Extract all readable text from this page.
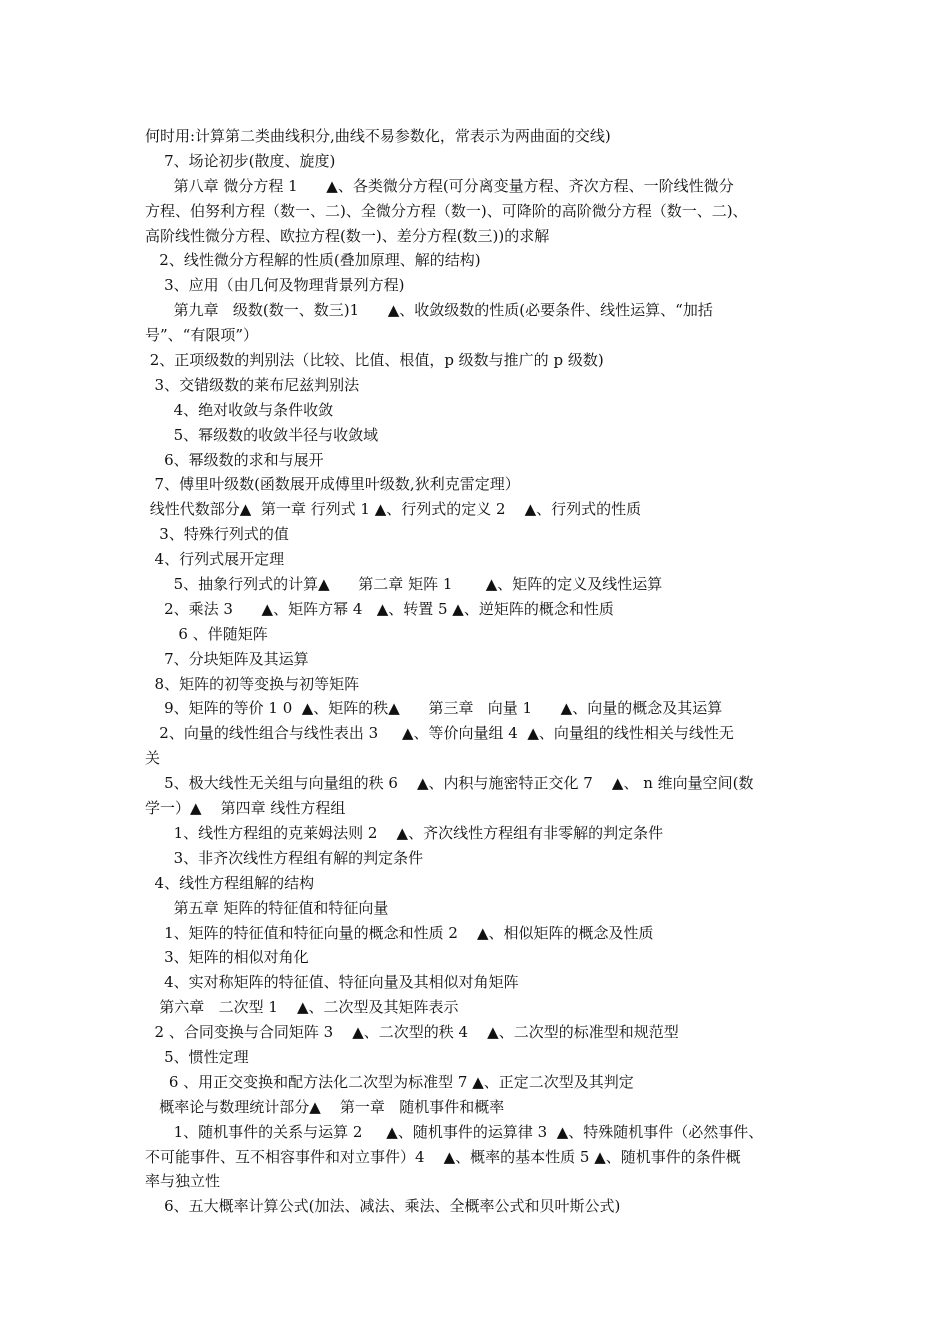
何时用:计算第二类曲线积分,曲线不易参数化，常表示为两曲面的交线)
7、场论初步(散度、旋度)
第八章 微分方程 1      ▲、各类微分方程(可分离变量方程、齐次方程、一阶线性微分
方程、伯努利方程（数一、二)、全微分方程（数一)、可降阶的高阶微分方程（数一、二)、
高阶线性微分方程、欧拉方程(数一)、差分方程(数三))的求解
2、线性微分方程解的性质(叠加原理、解的结构)
3、应用（由几何及物理背景列方程)
第九章   级数(数一、数三)1      ▲、收敛级数的性质(必要条件、线性运算、“加括
号”、“有限项”）
2、正项级数的判别法（比较、比值、根值，p 级数与推广的 p 级数)
3、交错级数的莱布尼兹判别法
4、绝对收敛与条件收敛
5、幂级数的收敛半径与收敛域
6、幂级数的求和与展开
7、傅里叶级数(函数展开成傅里叶级数,狄利克雷定理）
线性代数部分▲  第一章 行列式 1 ▲、行列式的定义 2    ▲、行列式的性质
3、特殊行列式的值
4、行列式展开定理
5、抽象行列式的计算▲      第二章 矩阵 1       ▲、矩阵的定义及线性运算
2、乘法 3      ▲、矩阵方幂 4   ▲、转置 5 ▲、逆矩阵的概念和性质
6 、伴随矩阵
7、分块矩阵及其运算
8、矩阵的初等变换与初等矩阵
9、矩阵的等价 1 0  ▲、矩阵的秩▲      第三章   向量 1      ▲、向量的概念及其运算
2、向量的线性组合与线性表出 3     ▲、等价向量组 4  ▲、向量组的线性相关与线性无
关
5、极大线性无关组与向量组的秩 6    ▲、内积与施密特正交化 7    ▲、 n 维向量空间(数
学一）▲    第四章 线性方程组
1、线性方程组的克莱姆法则 2    ▲、齐次线性方程组有非零解的判定条件
3、非齐次线性方程组有解的判定条件
4、线性方程组解的结构
第五章 矩阵的特征值和特征向量
1、矩阵的特征值和特征向量的概念和性质 2    ▲、相似矩阵的概念及性质
3、矩阵的相似对角化
4、实对称矩阵的特征值、特征向量及其相似对角矩阵
第六章   二次型 1    ▲、二次型及其矩阵表示
2 、合同变换与合同矩阵 3    ▲、二次型的秩 4    ▲、二次型的标准型和规范型
5、惯性定理
6 、用正交变换和配方法化二次型为标准型 7 ▲、正定二次型及其判定
概率论与数理统计部分▲    第一章   随机事件和概率
1、随机事件的关系与运算 2     ▲、随机事件的运算律 3  ▲、特殊随机事件（必然事件、
不可能事件、互不相容事件和对立事件）4    ▲、概率的基本性质 5 ▲、随机事件的条件概
率与独立性
6、五大概率计算公式(加法、减法、乘法、全概率公式和贝叶斯公式)
